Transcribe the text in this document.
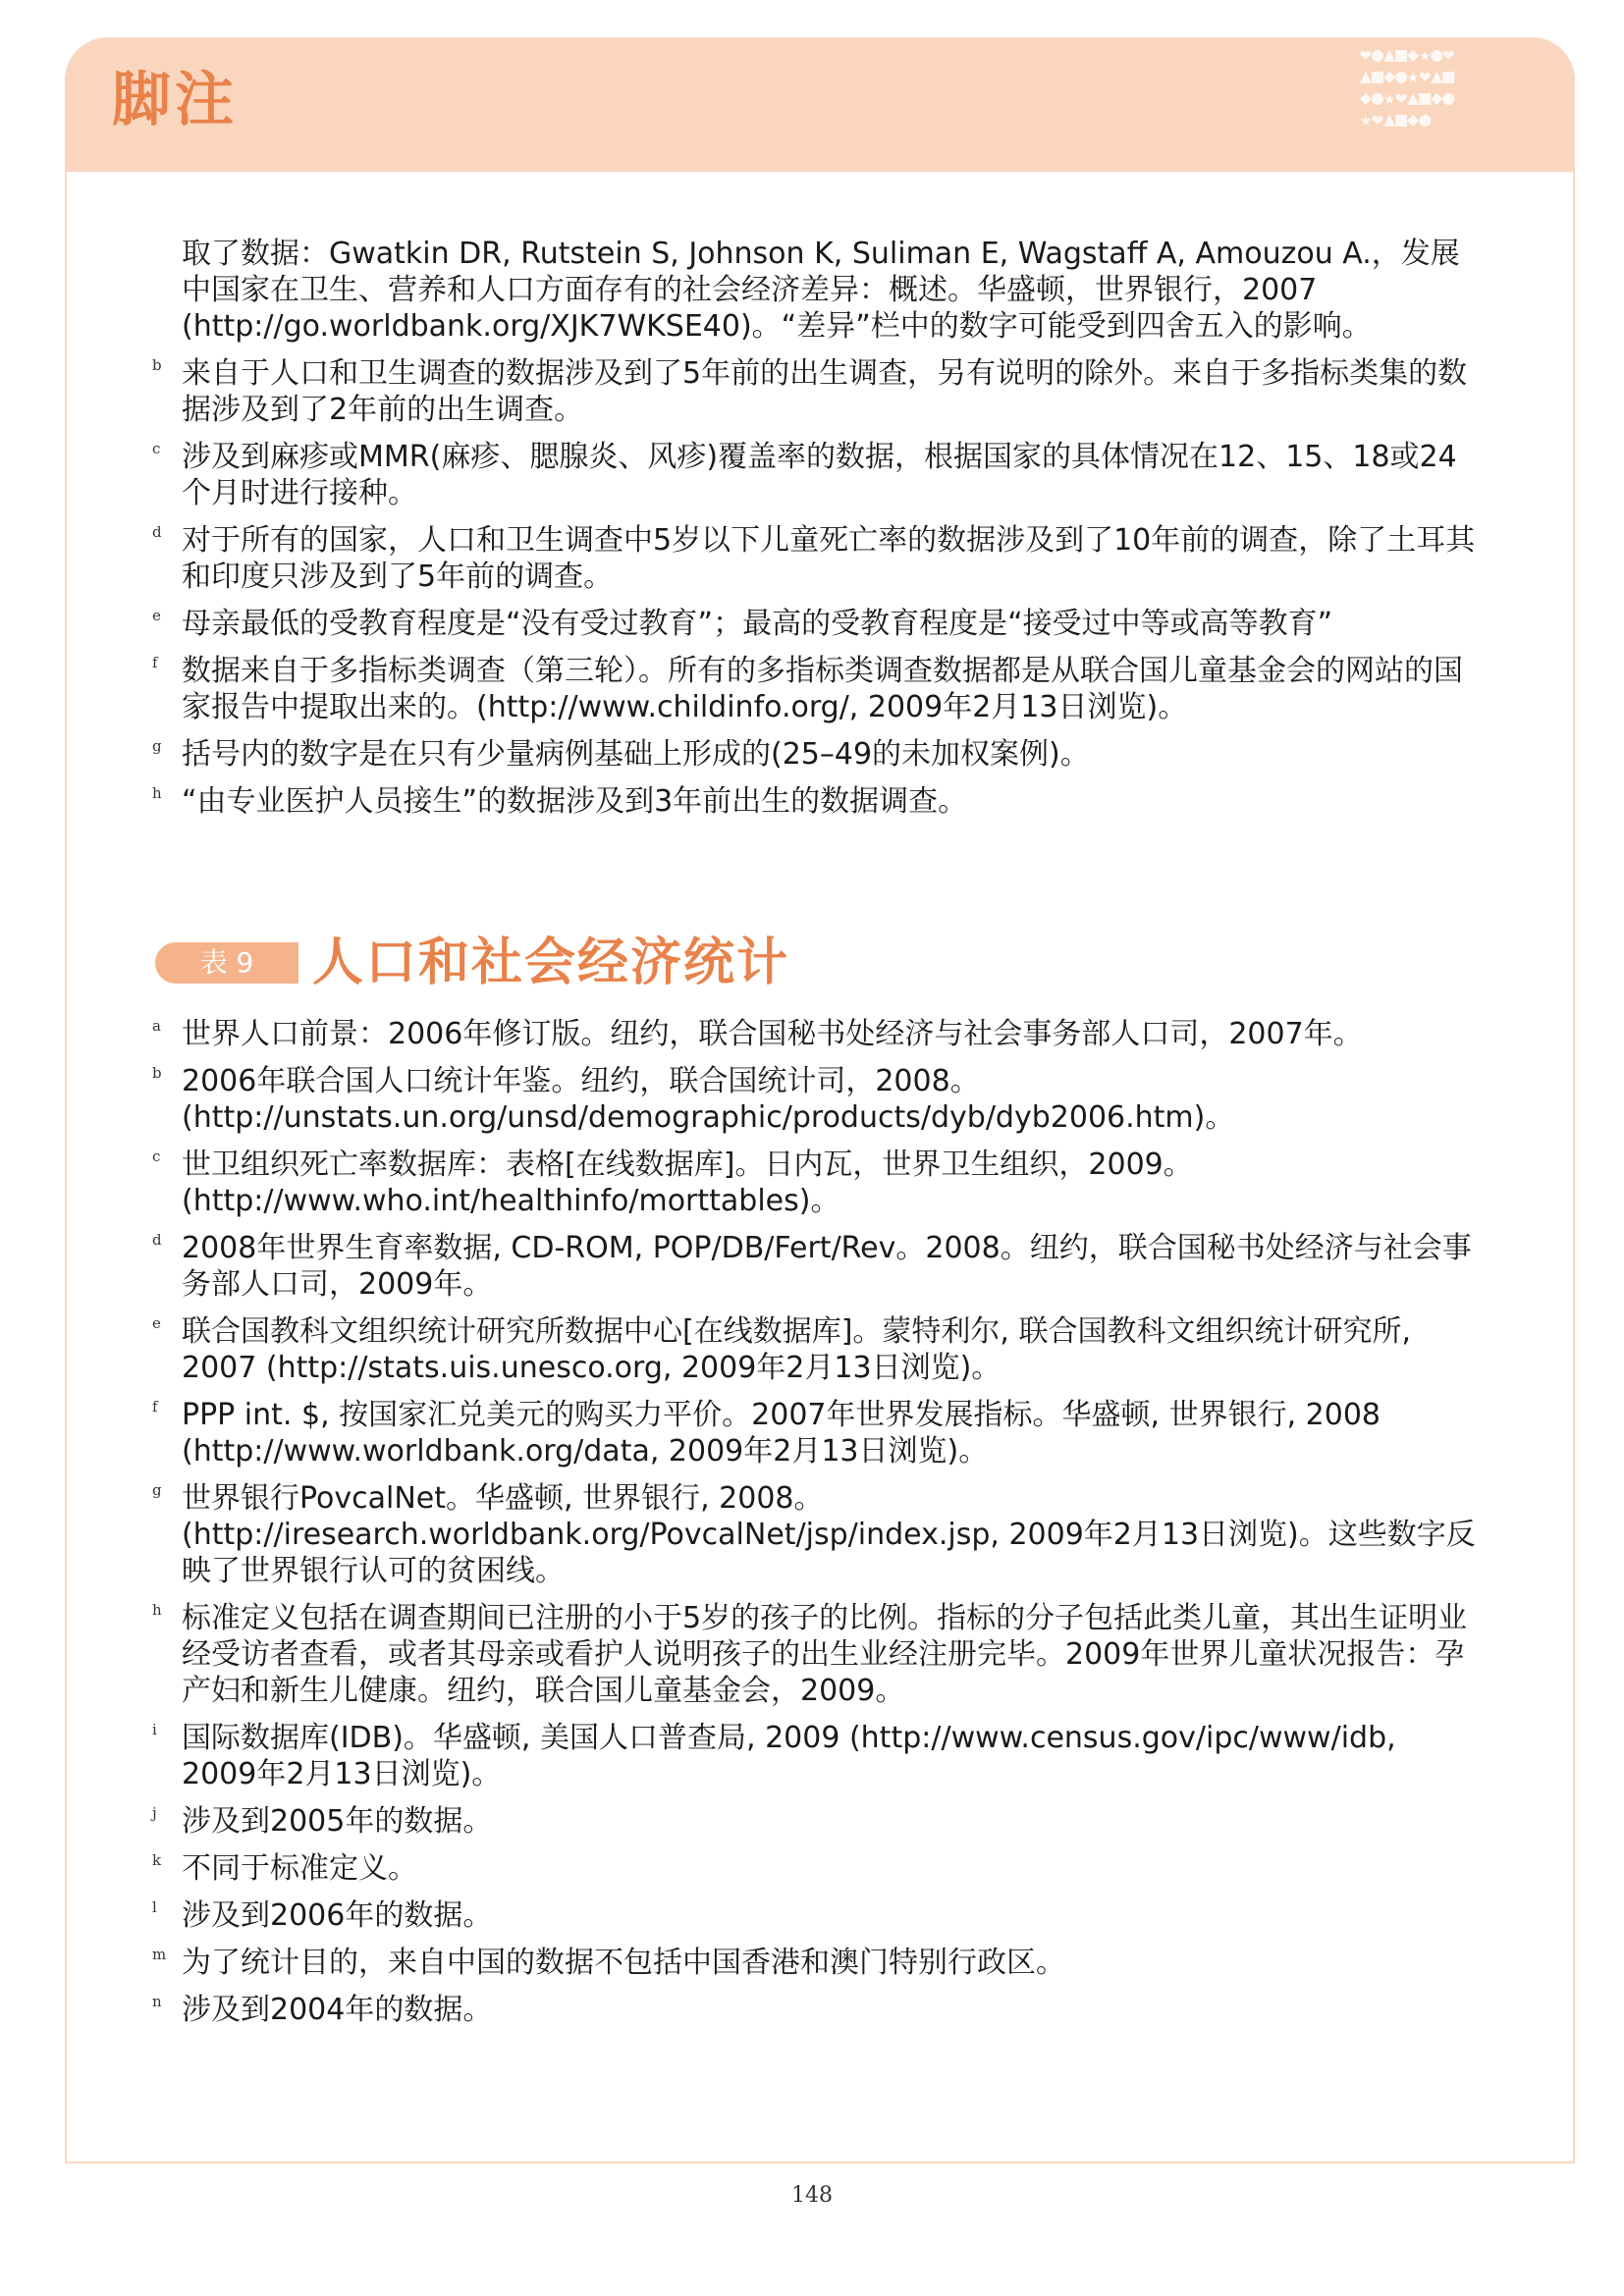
脚注
❤●▲■◆★●❤▲■◆●★❤▲■◆●★❤▲■◆●★❤▲■◆●
取了数据：Gwatkin DR, Rutstein S, Johnson K, Suliman E, Wagstaff A, Amouzou A.，发展中国家在卫生、营养和人口方面存有的社会经济差异：概述。华盛顿，世界银行，2007 (http://go.worldbank.org/XJK7WKSE40)。“差异”栏中的数字可能受到四舍五入的影响。
b 来自于人口和卫生调查的数据涉及到了5年前的出生调查，另有说明的除外。来自于多指标类集的数据涉及到了2年前的出生调查。
c 涉及到麻疹或MMR(麻疹、腮腺炎、风疹)覆盖率的数据，根据国家的具体情况在12、15、18或24个月时进行接种。
d 对于所有的国家，人口和卫生调查中5岁以下儿童死亡率的数据涉及到了10年前的调查，除了土耳其和印度只涉及到了5年前的调查。
e 母亲最低的受教育程度是“没有受过教育”；最高的受教育程度是“接受过中等或高等教育”
f 数据来自于多指标类调查（第三轮）。所有的多指标类调查数据都是从联合国儿童基金会的网站的国家报告中提取出来的。(http://www.childinfo.org/, 2009年2月13日浏览)。
g 括号内的数字是在只有少量病例基础上形成的(25–49的未加权案例)。
h “由专业医护人员接生”的数据涉及到3年前出生的数据调查。
表 9	人口和社会经济统计
a 世界人口前景：2006年修订版。纽约，联合国秘书处经济与社会事务部人口司，2007年。
b 2006年联合国人口统计年鉴。纽约，联合国统计司，2008。
(http://unstats.un.org/unsd/demographic/products/dyb/dyb2006.htm)。
c 世卫组织死亡率数据库：表格[在线数据库]。日内瓦，世界卫生组织，2009。
(http://www.who.int/healthinfo/morttables)。
d 2008年世界生育率数据, CD-ROM, POP/DB/Fert/Rev。2008。纽约，联合国秘书处经济与社会事务部人口司，2009年。
e 联合国教科文组织统计研究所数据中心[在线数据库]。蒙特利尔, 联合国教科文组织统计研究所, 2007 (http://stats.uis.unesco.org, 2009年2月13日浏览)。
f PPP int. $, 按国家汇兑美元的购买力平价。2007年世界发展指标。华盛顿, 世界银行, 2008 (http://www.worldbank.org/data, 2009年2月13日浏览)。
g 世界银行PovcalNet。华盛顿, 世界银行, 2008。(http://iresearch.worldbank.org/PovcalNet/jsp/index.jsp, 2009年2月13日浏览)。这些数字反映了世界银行认可的贫困线。
h 标准定义包括在调查期间已注册的小于5岁的孩子的比例。指标的分子包括此类儿童，其出生证明业经受访者查看，或者其母亲或看护人说明孩子的出生业经注册完毕。2009年世界儿童状况报告：孕产妇和新生儿健康。纽约，联合国儿童基金会，2009。
i 国际数据库(IDB)。华盛顿, 美国人口普查局, 2009 (http://www.census.gov/ipc/www/idb, 2009年2月13日浏览)。
j 涉及到2005年的数据。
k 不同于标准定义。
l 涉及到2006年的数据。
m 为了统计目的，来自中国的数据不包括中国香港和澳门特别行政区。
n 涉及到2004年的数据。
148
